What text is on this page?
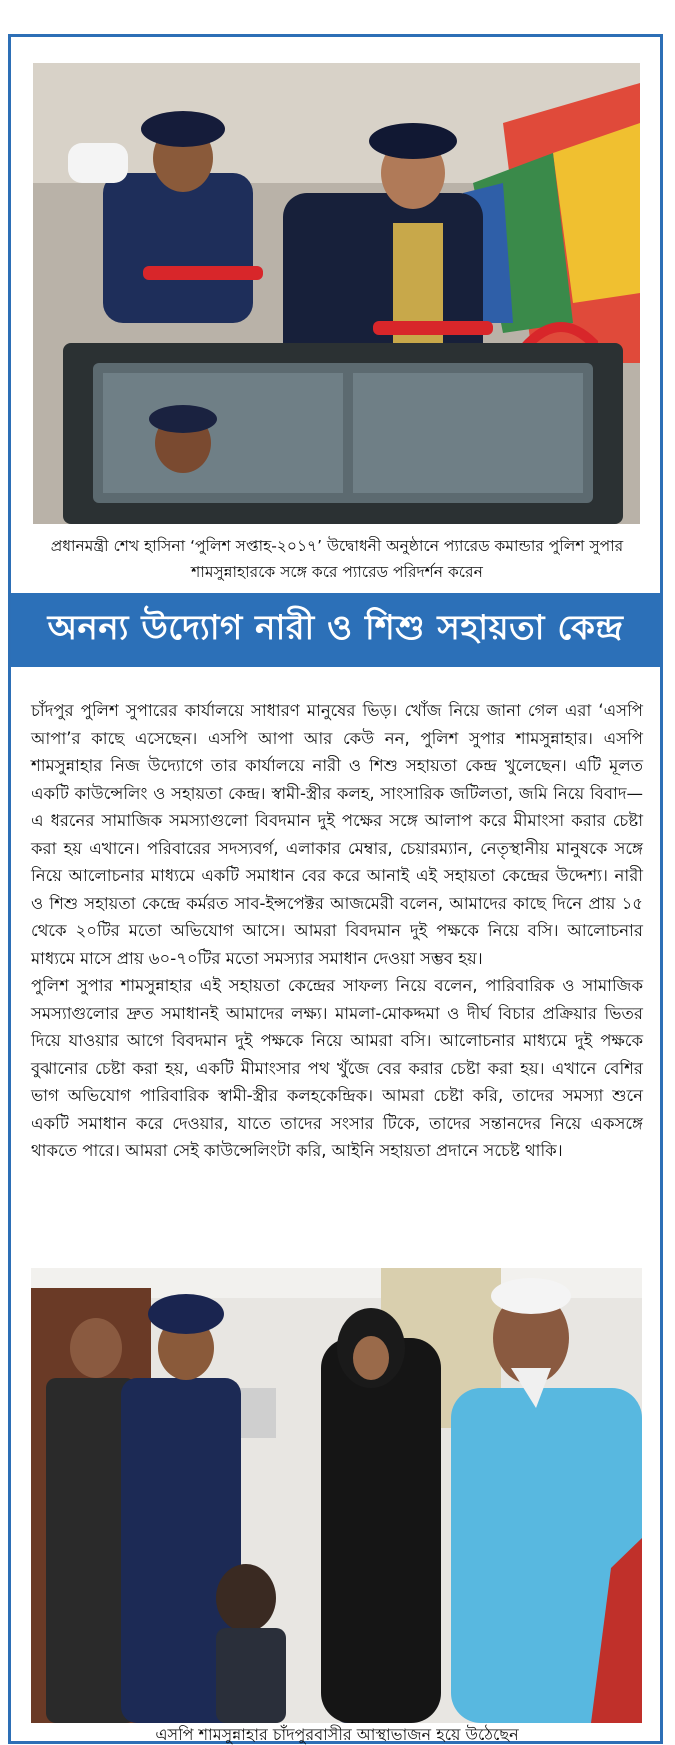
প্রধানমন্ত্রী শেখ হাসিনা ‘পুলিশ সপ্তাহ-২০১৭’ উদ্বোধনী অনুষ্ঠানে প্যারেড কমান্ডার পুলিশ সুপার শামসুন্নাহারকে সঙ্গে করে প্যারেড পরিদর্শন করেন
অনন্য উদ্যোগ নারী ও শিশু সহায়তা কেন্দ্র

চাঁদপুর পুলিশ সুপারের কার্যালয়ে সাধারণ মানুষের ভিড়। খোঁজ নিয়ে জানা গেল এরা ‘এসপি আপা’র কাছে এসেছেন। এসপি আপা আর কেউ নন, পুলিশ সুপার শামসুন্নাহার। এসপি শামসুন্নাহার নিজ উদ্যোগে তার কার্যালয়ে নারী ও শিশু সহায়তা কেন্দ্র খুলেছেন। এটি মূলত একটি কাউন্সেলিং ও সহায়তা কেন্দ্র। স্বামী-স্ত্রীর কলহ, সাংসারিক জটিলতা, জমি নিয়ে বিবাদ— এ ধরনের সামাজিক সমস্যাগুলো বিবদমান দুই পক্ষের সঙ্গে আলাপ করে মীমাংসা করার চেষ্টা করা হয় এখানে। পরিবারের সদস্যবর্গ, এলাকার মেম্বার, চেয়ারম্যান, নেতৃস্থানীয় মানুষকে সঙ্গে নিয়ে আলোচনার মাধ্যমে একটি সমাধান বের করে আনাই এই সহায়তা কেন্দ্রের উদ্দেশ্য। নারী ও শিশু সহায়তা কেন্দ্রে কর্মরত সাব-ইন্সপেক্টর আজমেরী বলেন, আমাদের কাছে দিনে প্রায় ১৫ থেকে ২০টির মতো অভিযোগ আসে। আমরা বিবদমান দুই পক্ষকে নিয়ে বসি। আলোচনার মাধ্যমে মাসে প্রায় ৬০-৭০টির মতো সমস্যার সমাধান দেওয়া সম্ভব হয়।

পুলিশ সুপার শামসুন্নাহার এই সহায়তা কেন্দ্রের সাফল্য নিয়ে বলেন, পারিবারিক ও সামাজিক সমস্যাগুলোর দ্রুত সমাধানই আমাদের লক্ষ্য। মামলা-মোকদ্দমা ও দীর্ঘ বিচার প্রক্রিয়ার ভিতর দিয়ে যাওয়ার আগে বিবদমান দুই পক্ষকে নিয়ে আমরা বসি। আলোচনার মাধ্যমে দুই পক্ষকে বুঝানোর চেষ্টা করা হয়, একটি মীমাংসার পথ খুঁজে বের করার চেষ্টা করা হয়। এখানে বেশির ভাগ অভিযোগ পারিবারিক স্বামী-স্ত্রীর কলহকেন্দ্রিক। আমরা চেষ্টা করি, তাদের সমস্যা শুনে একটি সমাধান করে দেওয়ার, যাতে তাদের সংসার টিকে, তাদের সন্তানদের নিয়ে একসঙ্গে থাকতে পারে। আমরা সেই কাউন্সেলিংটা করি, আইনি সহায়তা প্রদানে সচেষ্ট থাকি।

এসপি শামসুন্নাহার চাঁদপুরবাসীর আস্থাভাজন হয়ে উঠেছেন
